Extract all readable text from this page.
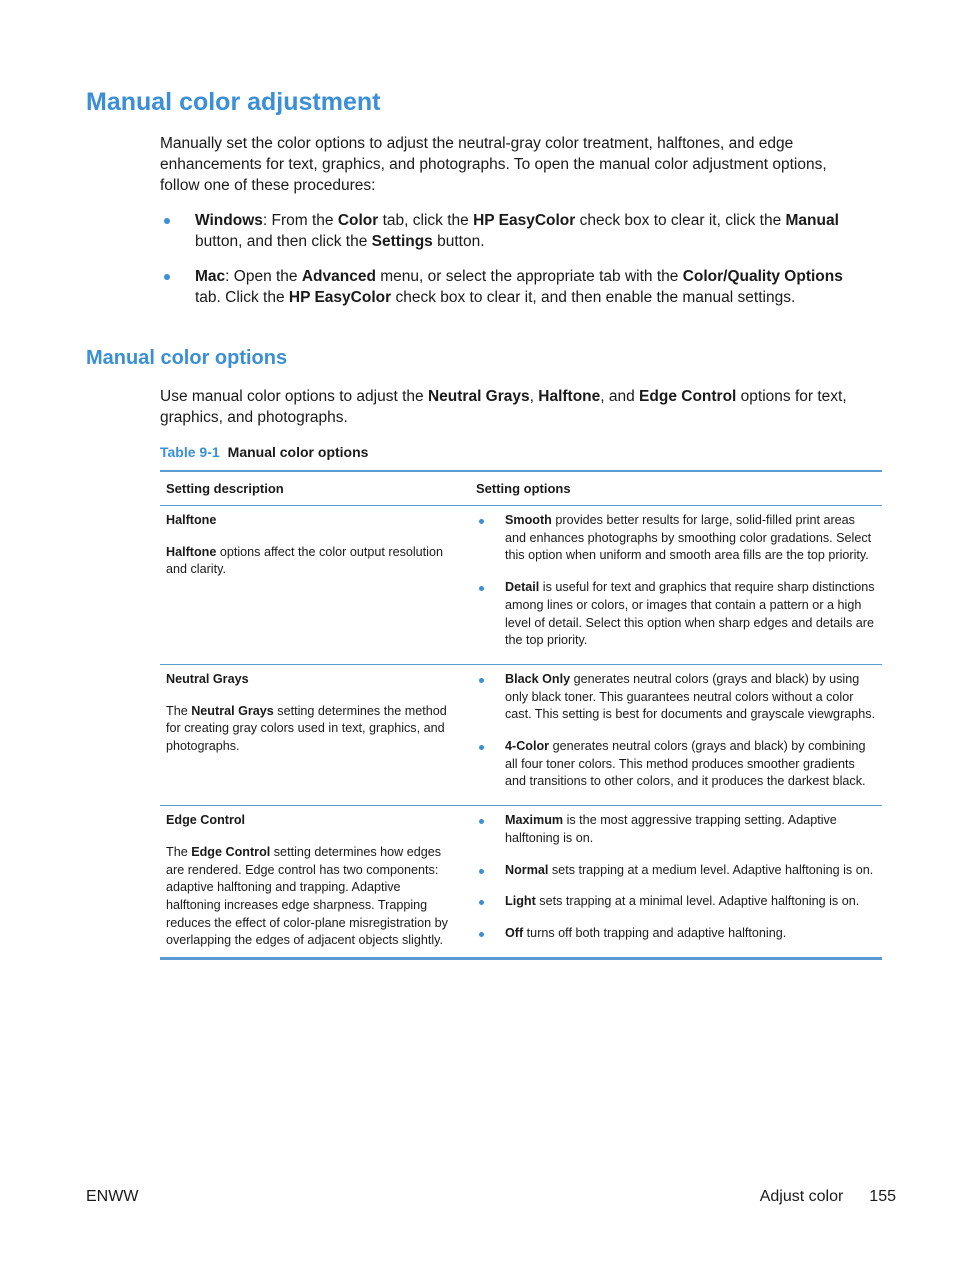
Manual color adjustment

Manually set the color options to adjust the neutral-gray color treatment, halftones, and edge enhancements for text, graphics, and photographs. To open the manual color adjustment options, follow one of these procedures:

Windows: From the Color tab, click the HP EasyColor check box to clear it, click the Manual button, and then click the Settings button.
Mac: Open the Advanced menu, or select the appropriate tab with the Color/Quality Options tab. Click the HP EasyColor check box to clear it, and then enable the manual settings.
Manual color options

Use manual color options to adjust the Neutral Grays, Halftone, and Edge Control options for text, graphics, and photographs.

Table 9-1 Manual color options
Setting description	Setting options
Halftone
Halftone options affect the color output resolution and clarity.
Smooth provides better results for large, solid-filled print areas and enhances photographs by smoothing color gradations. Select this option when uniform and smooth area fills are the top priority.
Detail is useful for text and graphics that require sharp distinctions among lines or colors, or images that contain a pattern or a high level of detail. Select this option when sharp edges and details are the top priority.
Neutral Grays
The Neutral Grays setting determines the method for creating gray colors used in text, graphics, and photographs.
Black Only generates neutral colors (grays and black) by using only black toner. This guarantees neutral colors without a color cast. This setting is best for documents and grayscale viewgraphs.
4-Color generates neutral colors (grays and black) by combining all four toner colors. This method produces smoother gradients and transitions to other colors, and it produces the darkest black.
Edge Control
The Edge Control setting determines how edges are rendered. Edge control has two components: adaptive halftoning and trapping. Adaptive halftoning increases edge sharpness. Trapping reduces the effect of color-plane misregistration by overlapping the edges of adjacent objects slightly.
Maximum is the most aggressive trapping setting. Adaptive halftoning is on.
Normal sets trapping at a medium level. Adaptive halftoning is on.
Light sets trapping at a minimal level. Adaptive halftoning is on.
Off turns off both trapping and adaptive halftoning.
ENWW	Adjust color 155
